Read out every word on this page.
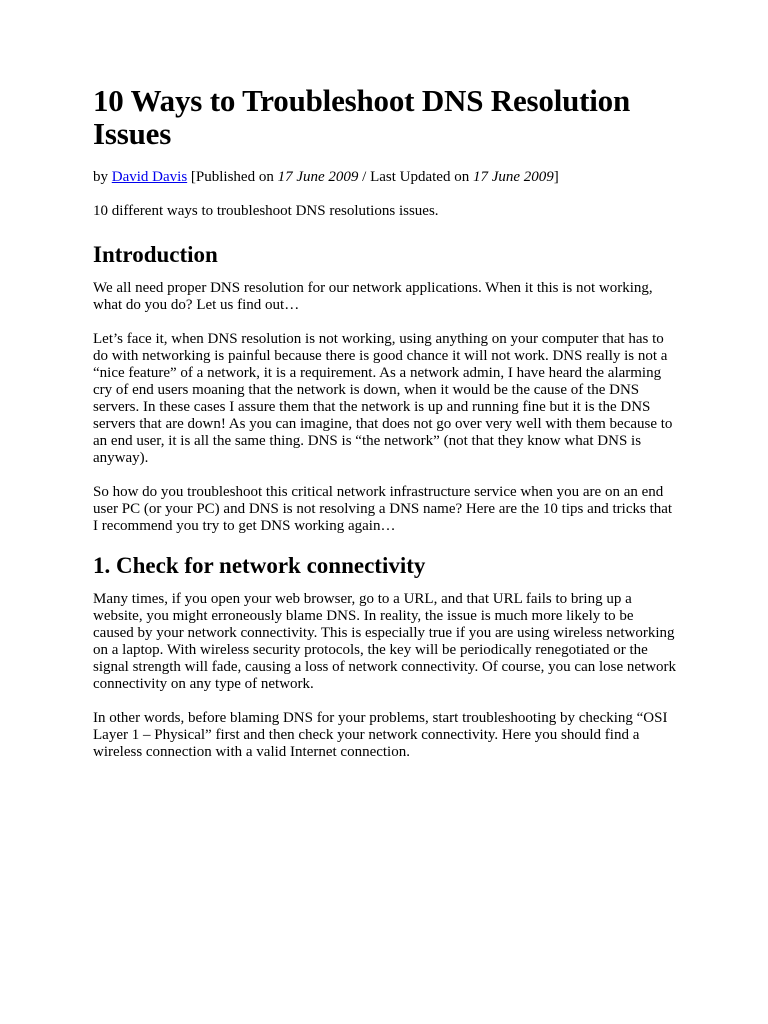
10 Ways to Troubleshoot DNS Resolution Issues

by David Davis [Published on 17 June 2009 / Last Updated on 17 June 2009]

10 different ways to troubleshoot DNS resolutions issues.

Introduction

We all need proper DNS resolution for our network applications. When it this is not working, what do you do? Let us find out…

Let’s face it, when DNS resolution is not working, using anything on your computer that has to do with networking is painful because there is good chance it will not work. DNS really is not a “nice feature” of a network, it is a requirement. As a network admin, I have heard the alarming cry of end users moaning that the network is down, when it would be the cause of the DNS servers. In these cases I assure them that the network is up and running fine but it is the DNS servers that are down! As you can imagine, that does not go over very well with them because to an end user, it is all the same thing. DNS is “the network” (not that they know what DNS is anyway).

So how do you troubleshoot this critical network infrastructure service when you are on an end user PC (or your PC) and DNS is not resolving a DNS name? Here are the 10 tips and tricks that I recommend you try to get DNS working again…

1. Check for network connectivity

Many times, if you open your web browser, go to a URL, and that URL fails to bring up a website, you might erroneously blame DNS. In reality, the issue is much more likely to be caused by your network connectivity. This is especially true if you are using wireless networking on a laptop. With wireless security protocols, the key will be periodically renegotiated or the signal strength will fade, causing a loss of network connectivity. Of course, you can lose network connectivity on any type of network.

In other words, before blaming DNS for your problems, start troubleshooting by checking “OSI Layer 1 – Physical” first and then check your network connectivity. Here you should find a wireless connection with a valid Internet connection.
